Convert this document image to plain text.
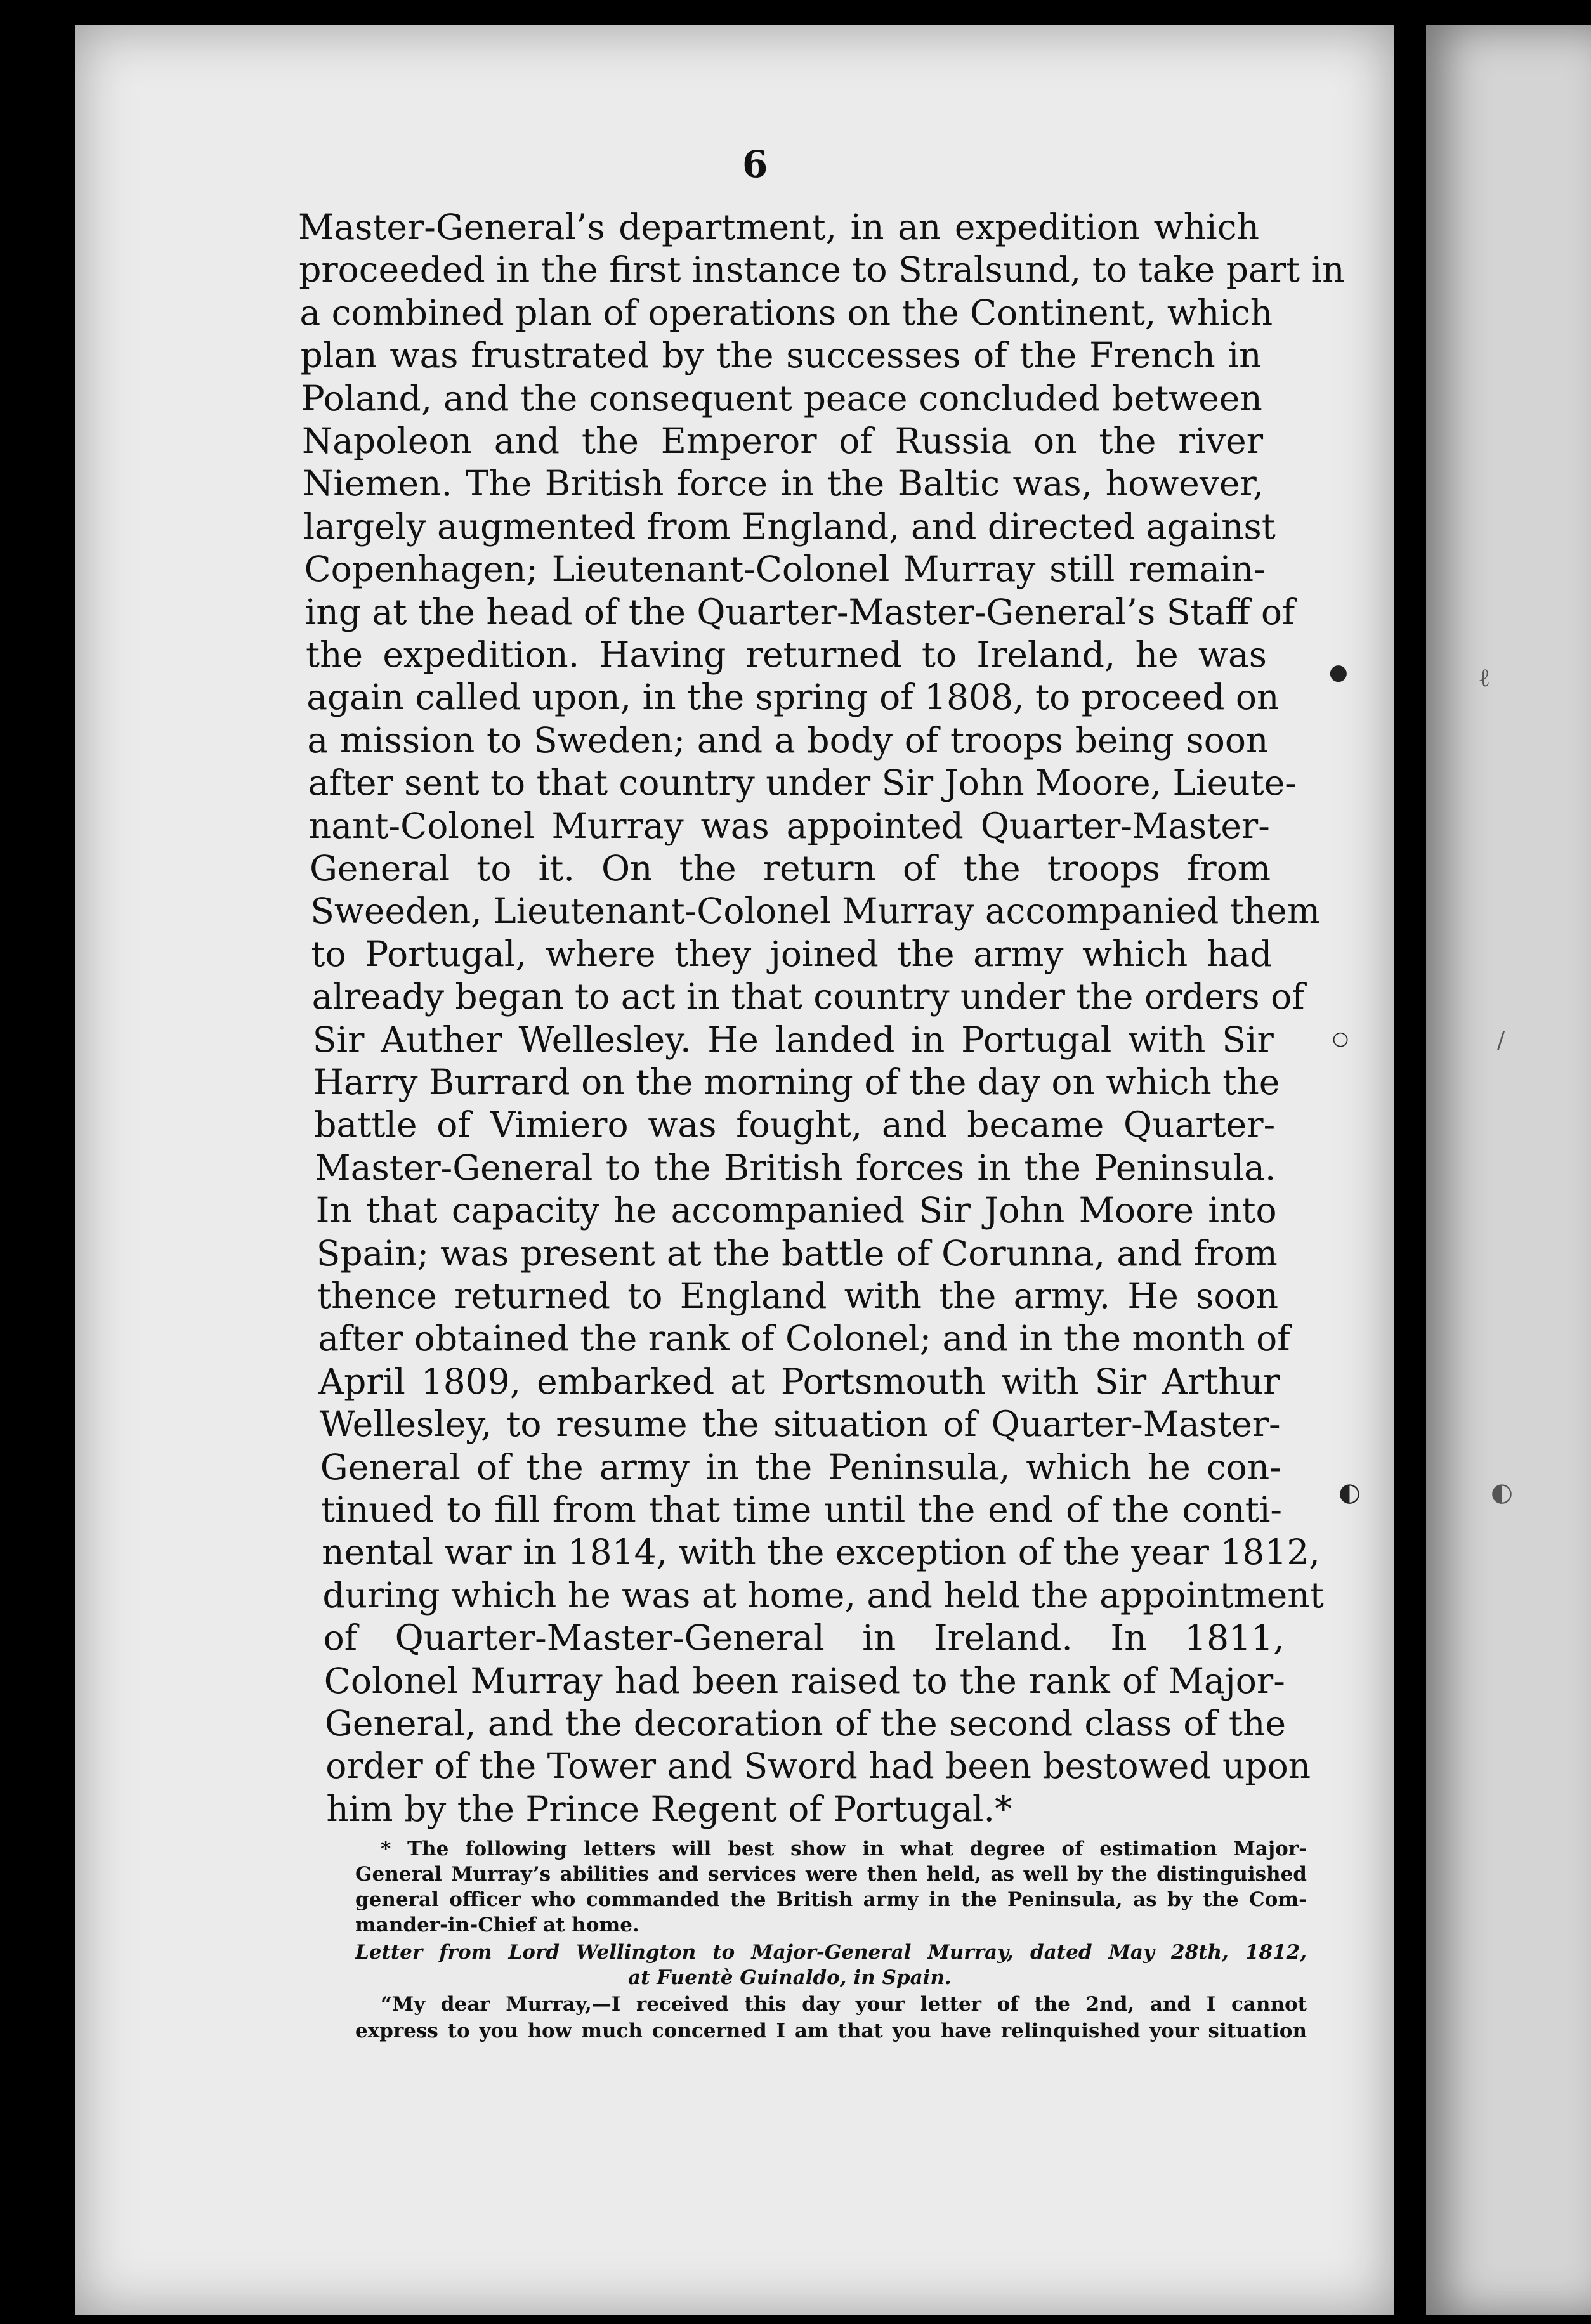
6
Master-General’s department, in an expedition which
proceeded in the first instance to Stralsund, to take part in
a combined plan of operations on the Continent, which
plan was frustrated by the successes of the French in
Poland, and the consequent peace concluded between
Napoleon and the Emperor of Russia on the river
Niemen. The British force in the Baltic was, however,
largely augmented from England, and directed against
Copenhagen; Lieutenant-Colonel Murray still remain-
ing at the head of the Quarter-Master-General’s Staff of
the expedition. Having returned to Ireland, he was
again called upon, in the spring of 1808, to proceed on
a mission to Sweden; and a body of troops being soon
after sent to that country under Sir John Moore, Lieute-
nant-Colonel Murray was appointed Quarter-Master-
General to it. On the return of the troops from
Sweeden, Lieutenant-Colonel Murray accompanied them
to Portugal, where they joined the army which had
already began to act in that country under the orders of
Sir Auther Wellesley. He landed in Portugal with Sir
Harry Burrard on the morning of the day on which the
battle of Vimiero was fought, and became Quarter-
Master-General to the British forces in the Peninsula.
In that capacity he accompanied Sir John Moore into
Spain; was present at the battle of Corunna, and from
thence returned to England with the army. He soon
after obtained the rank of Colonel; and in the month of
April 1809, embarked at Portsmouth with Sir Arthur
Wellesley, to resume the situation of Quarter-Master-
General of the army in the Peninsula, which he con-
tinued to fill from that time until the end of the conti-
nental war in 1814, with the exception of the year 1812,
during which he was at home, and held the appointment
of Quarter-Master-General in Ireland. In 1811,
Colonel Murray had been raised to the rank of Major-
General, and the decoration of the second class of the
order of the Tower and Sword had been bestowed upon
him by the Prince Regent of Portugal.*
* The following letters will best show in what degree of estimation Major-
General Murray’s abilities and services were then held, as well by the distinguished
general officer who commanded the British army in the Peninsula, as by the Com-
mander-in-Chief at home.
Letter from Lord Wellington to Major-General Murray, dated May 28th, 1812,
at Fuentè Guinaldo, in Spain.
“My dear Murray,—I received this day your letter of the 2nd, and I cannot
express to you how much concerned I am that you have relinquished your situation
●
○
◐
ℓ
/
◐
